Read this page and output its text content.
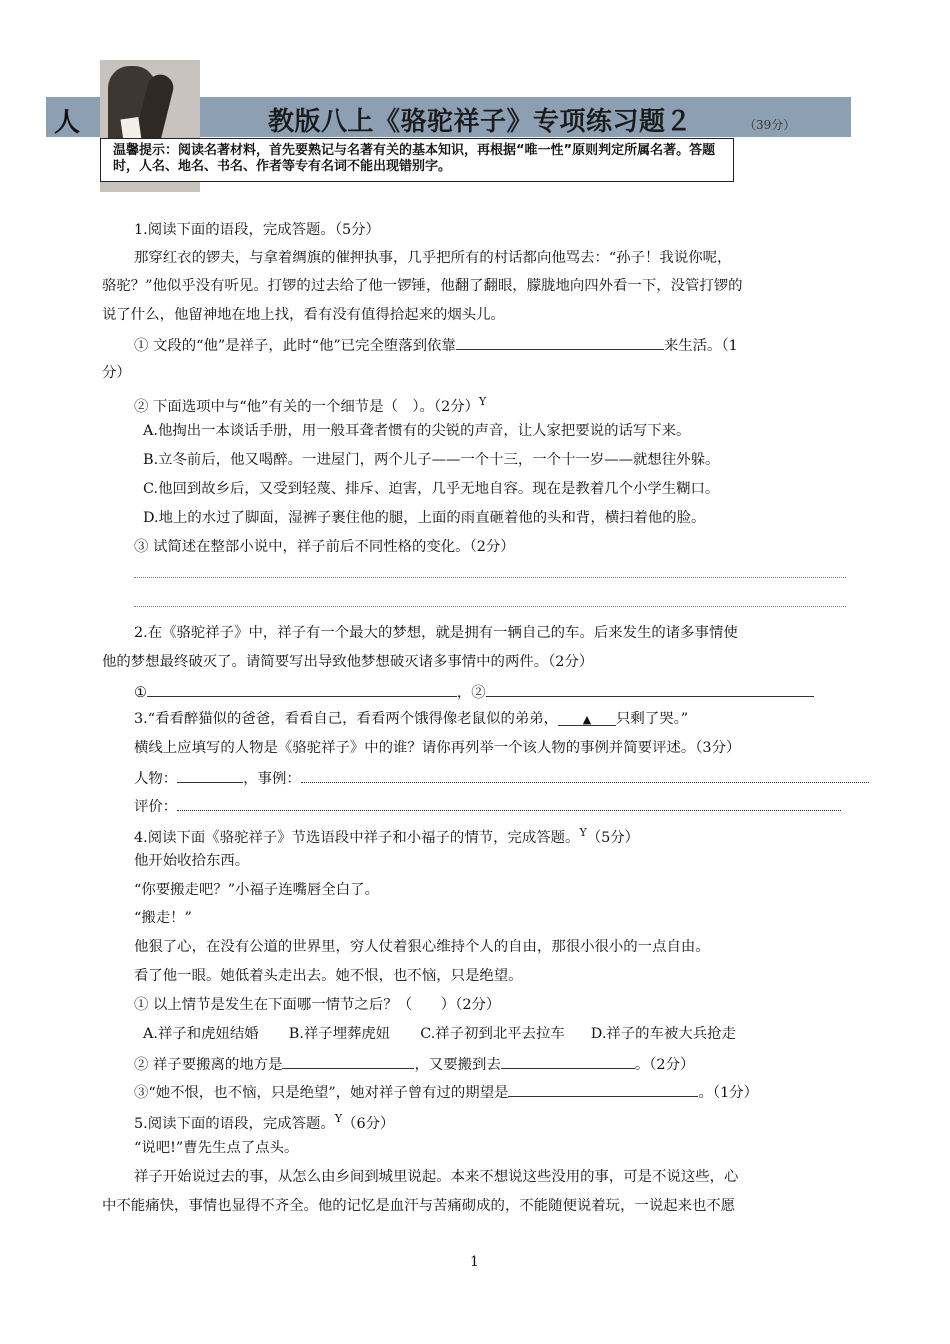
人	教版八上《骆驼祥子》专项练习题２	（39分）
温馨提示：阅读名著材料，首先要熟记与名著有关的基本知识，再根据“唯一性”原则判定所属名著。答题时，人名、地名、书名、作者等专有名词不能出现错别字。
1.阅读下面的语段，完成答题。（5分）
那穿红衣的锣夫，与拿着绸旗的催押执事，几乎把所有的村话都向他骂去：“孙子！我说你呢，
骆驼？”他似乎没有听见。打锣的过去给了他一锣锤，他翻了翻眼，朦胧地向四外看一下，没管打锣的
说了什么，他留神地在地上找，看有没有值得拾起来的烟头儿。
① 文段的“他”是祥子，此时“他”已完全堕落到依靠	来生活。（1
分）
② 下面选项中与“他”有关的一个细节是（　）。（2分）$^Y$
A.他掏出一本谈话手册，用一般耳聋者惯有的尖锐的声音，让人家把要说的话写下来。
B.立冬前后，他又喝醉。一进屋门，两个儿子——一个十三，一个十一岁——就想往外躲。
C.他回到故乡后，又受到轻蔑、排斥、迫害，几乎无地自容。现在是教着几个小学生糊口。
D.地上的水过了脚面，湿裤子裹住他的腿，上面的雨直砸着他的头和背，横扫着他的脸。
③ 试简述在整部小说中，祥子前后不同性格的变化。（2分）
2.在《骆驼祥子》中，祥子有一个最大的梦想，就是拥有一辆自己的车。后来发生的诸多事情使
他的梦想最终破灭了。请简要写出导致他梦想破灭诸多事情中的两件。（2分）
①	，②
3.“看看醉猫似的爸爸，看看自己，看看两个饿得像老鼠似的弟弟， ▲ 只剩了哭。”
横线上应填写的人物是《骆驼祥子》中的谁？请你再列举一个该人物的事例并简要评述。（3分）
人物：	，事例：
评价：
4.阅读下面《骆驼祥子》节选语段中祥子和小福子的情节，完成答题。$^Y$（5分）
他开始收拾东西。
“你要搬走吧？”小福子连嘴唇全白了。
“搬走！”
他狠了心，在没有公道的世界里，穷人仗着狠心维持个人的自由，那很小很小的一点自由。
看了他一眼。她低着头走出去。她不恨，也不恼，只是绝望。
① 以上情节是发生在下面哪一情节之后？（　　）（2分）
A.祥子和虎妞结婚 B.祥子埋葬虎妞 C.祥子初到北平去拉车 D.祥子的车被大兵抢走
② 祥子要搬离的地方是	，又要搬到去	。（2分）
③“她不恨，也不恼，只是绝望”，她对祥子曾有过的期望是	。（1分）
5.阅读下面的语段，完成答题。$^Y$（6分）
“说吧!”曹先生点了点头。
祥子开始说过去的事，从怎么由乡间到城里说起。本来不想说这些没用的事，可是不说这些，心
中不能痛快，事情也显得不齐全。他的记忆是血汗与苦痛砌成的，不能随便说着玩，一说起来也不愿
1
